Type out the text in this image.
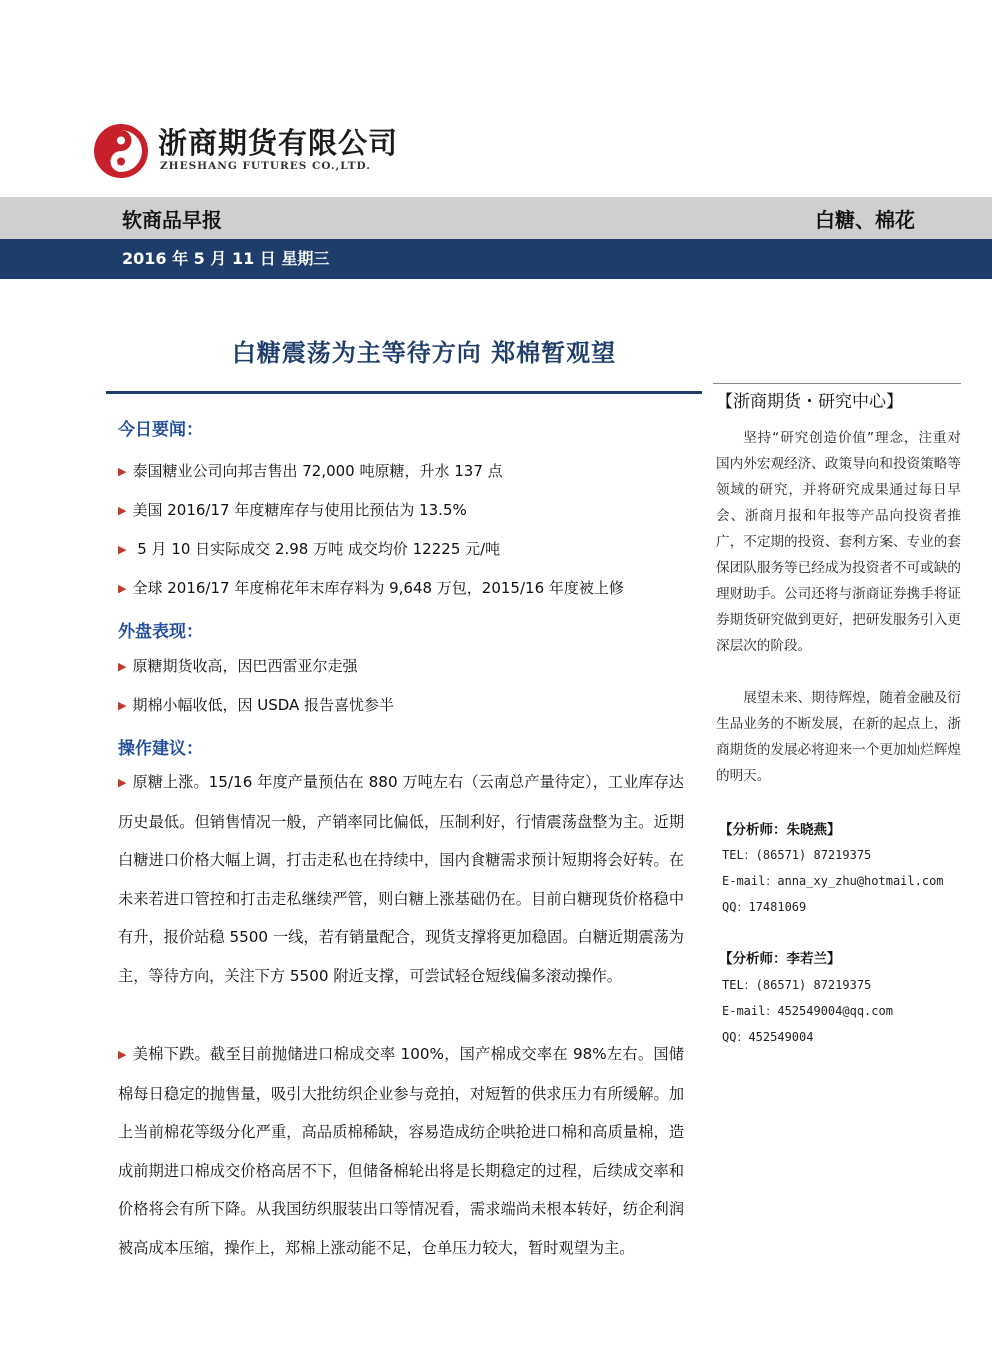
浙商期货有限公司
ZHESHANG FUTURES CO.,LTD.
软商品早报	白糖、棉花
2016 年 5 月 11 日 星期三
白糖震荡为主等待方向 郑棉暂观望
今日要闻：
▶ 泰国糖业公司向邦吉售出 72,000 吨原糖，升水 137 点
▶ 美国 2016/17 年度糖库存与使用比预估为 13.5%
▶ 5 月 10 日实际成交 2.98 万吨 成交均价 12225 元/吨
▶ 全球 2016/17 年度棉花年末库存料为 9,648 万包，2015/16 年度被上修
外盘表现：
▶ 原糖期货收高，因巴西雷亚尔走强
▶ 期棉小幅收低，因 USDA 报告喜忧参半
操作建议：
▶ 原糖上涨。15/16 年度产量预估在 880 万吨左右（云南总产量待定），工业库存达历史最低。但销售情况一般，产销率同比偏低，压制利好，行情震荡盘整为主。近期白糖进口价格大幅上调，打击走私也在持续中，国内食糖需求预计短期将会好转。在未来若进口管控和打击走私继续严管，则白糖上涨基础仍在。目前白糖现货价格稳中有升，报价站稳 5500 一线，若有销量配合，现货支撑将更加稳固。白糖近期震荡为主，等待方向，关注下方 5500 附近支撑，可尝试轻仓短线偏多滚动操作。
▶ 美棉下跌。截至目前抛储进口棉成交率 100%，国产棉成交率在 98%左右。国储棉每日稳定的抛售量，吸引大批纺织企业参与竞拍，对短暂的供求压力有所缓解。加上当前棉花等级分化严重，高品质棉稀缺，容易造成纺企哄抢进口棉和高质量棉，造成前期进口棉成交价格高居不下，但储备棉轮出将是长期稳定的过程，后续成交率和价格将会有所下降。从我国纺织服装出口等情况看，需求端尚未根本转好，纺企利润被高成本压缩，操作上，郑棉上涨动能不足，仓单压力较大，暂时观望为主。
【浙商期货・研究中心】
坚持“研究创造价值”理念，注重对国内外宏观经济、政策导向和投资策略等领域的研究，并将研究成果通过每日早会、浙商月报和年报等产品向投资者推广，不定期的投资、套利方案、专业的套保团队服务等已经成为投资者不可或缺的理财助手。公司还将与浙商证券携手将证券期货研究做到更好，把研发服务引入更深层次的阶段。
展望未来、期待辉煌，随着金融及衍生品业务的不断发展，在新的起点上，浙商期货的发展必将迎来一个更加灿烂辉煌的明天。
【分析师：朱晓燕】
TEL：(86571) 87219375
E-mail：anna_xy_zhu@hotmail.com
QQ：17481069
【分析师：李若兰】
TEL：(86571) 87219375
E-mail：452549004@qq.com
QQ：452549004
